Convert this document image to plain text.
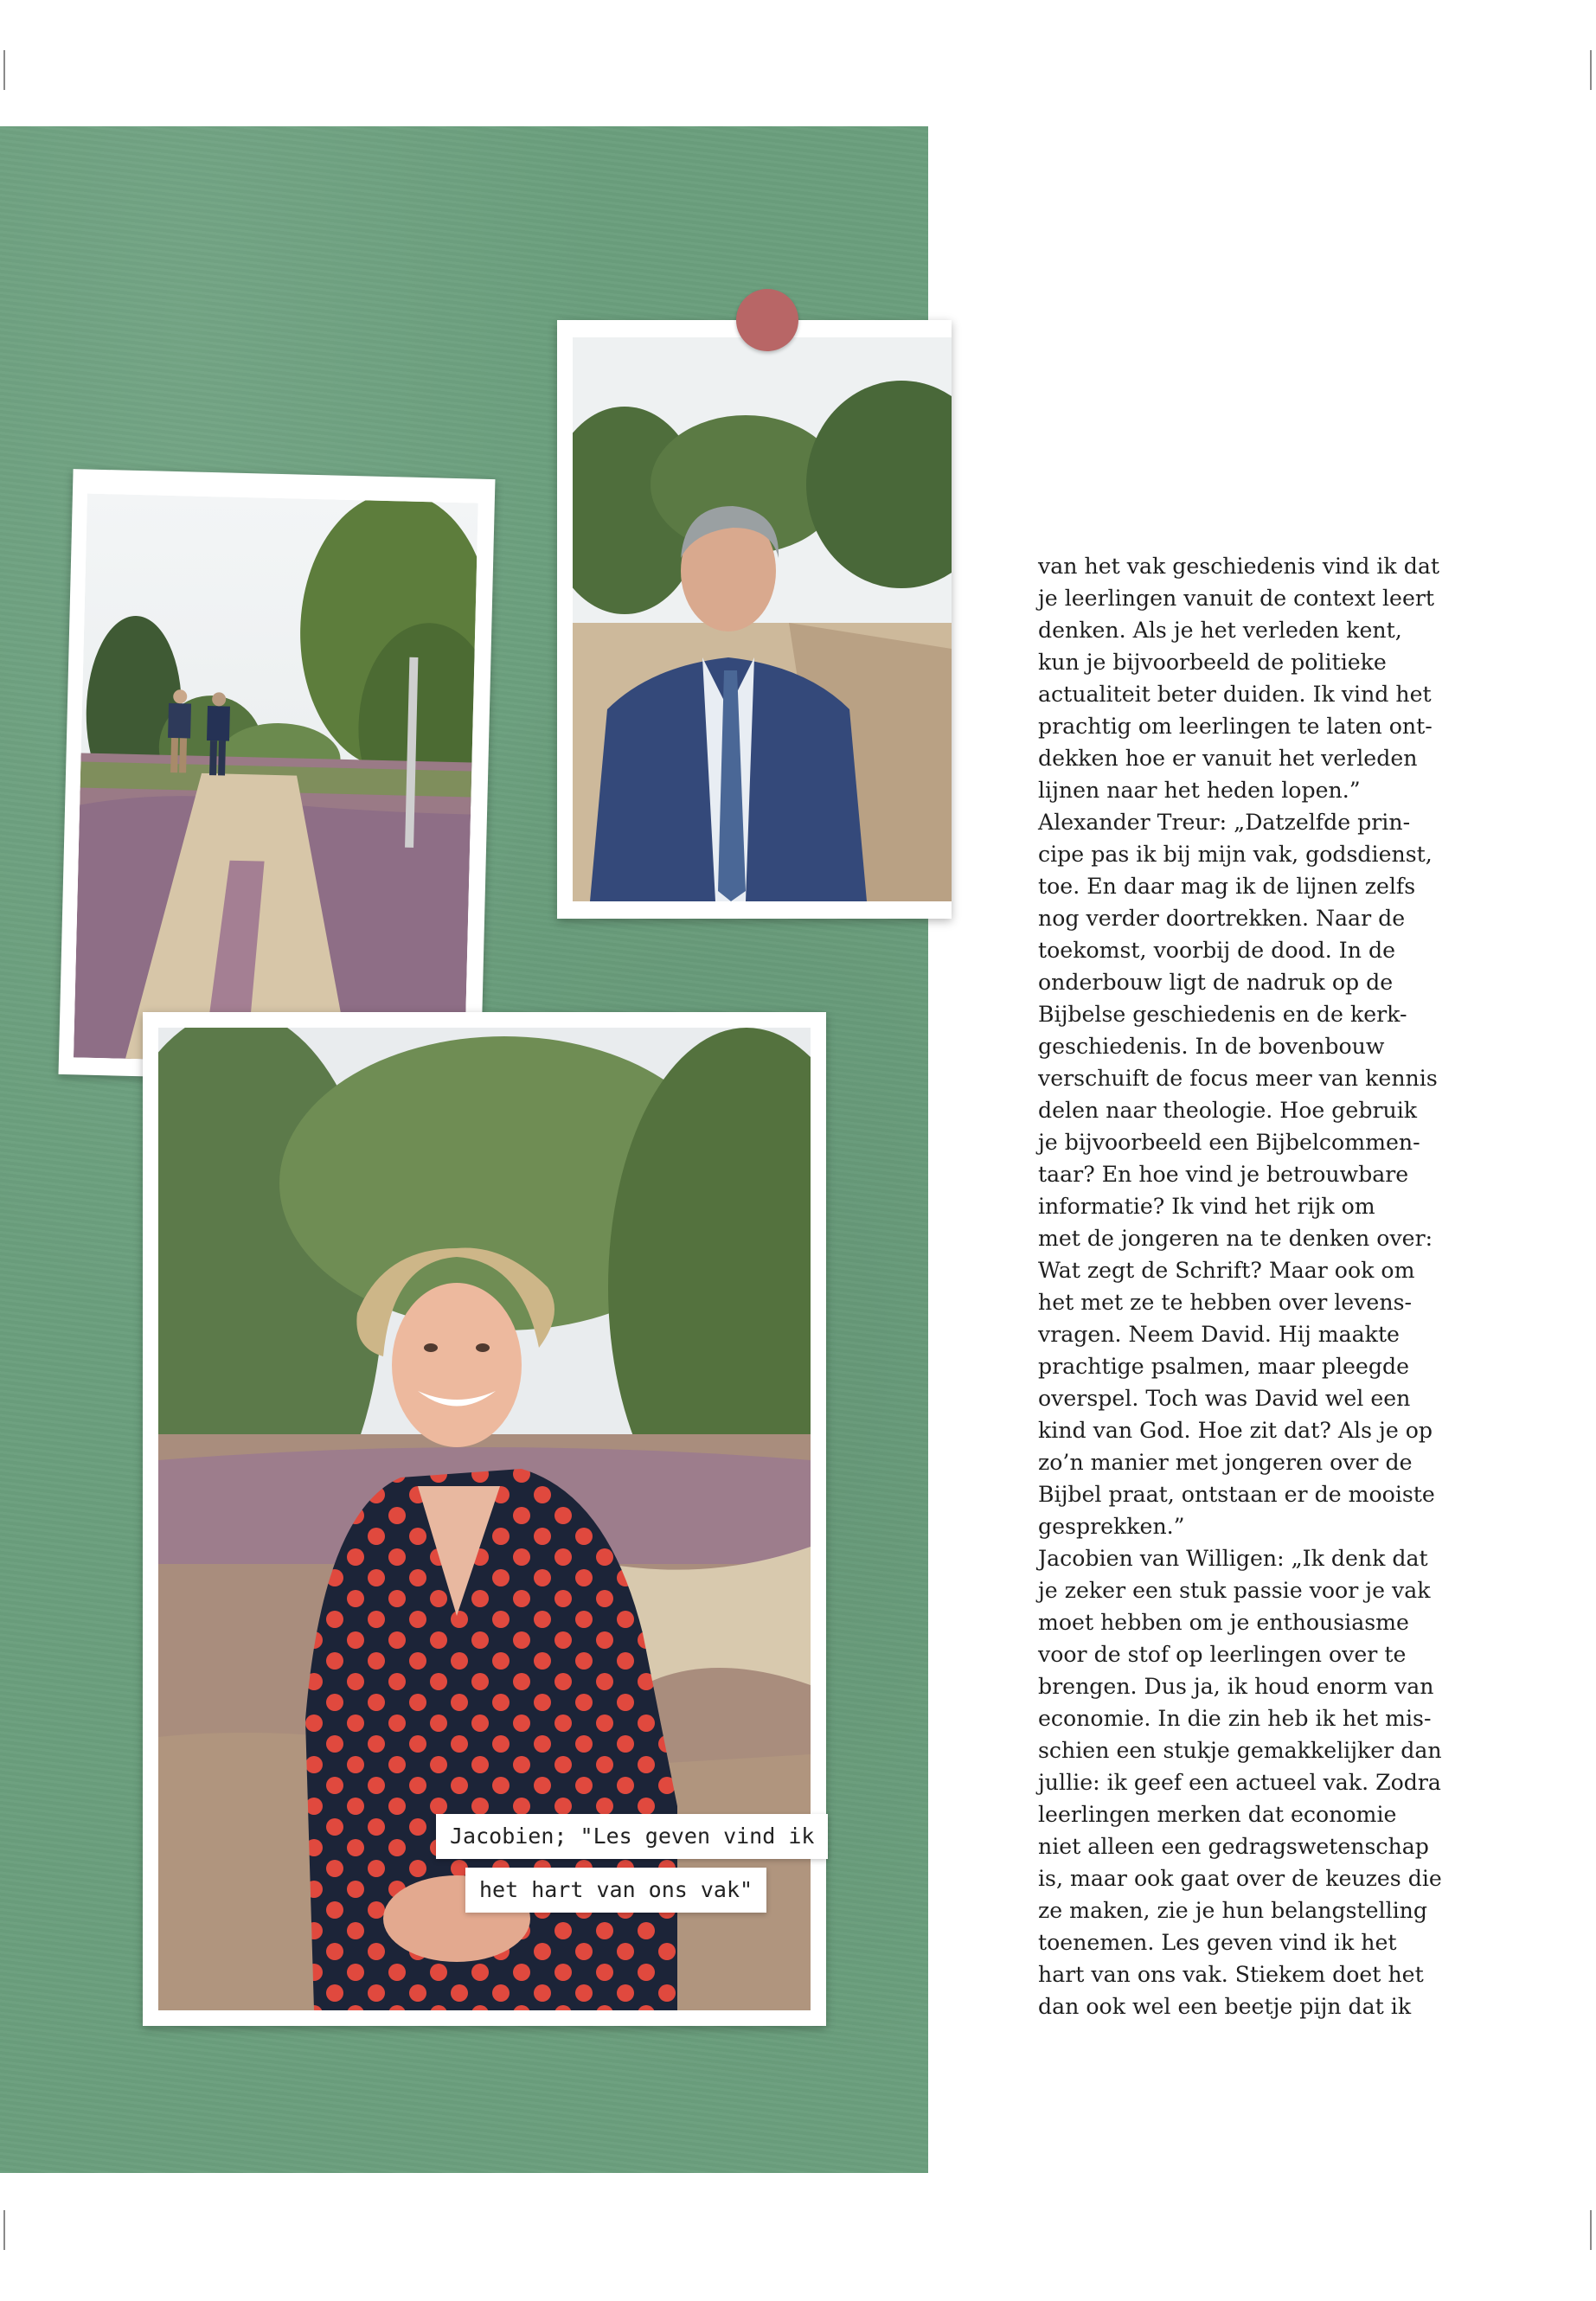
Jacobien; "Les geven vind ik
het hart van ons vak"
van het vak geschiedenis vind ik dat
je leerlingen vanuit de context leert
denken. Als je het verleden kent,
kun je bijvoorbeeld de politieke
actualiteit beter duiden. Ik vind het
prachtig om leerlingen te laten ont-
dekken hoe er vanuit het verleden
lijnen naar het heden lopen.”
Alexander Treur: „Datzelfde prin-
cipe pas ik bij mijn vak, godsdienst,
toe. En daar mag ik de lijnen zelfs
nog verder doortrekken. Naar de
toekomst, voorbij de dood. In de
onderbouw ligt de nadruk op de
Bijbelse geschiedenis en de kerk-
geschiedenis. In de bovenbouw
verschuift de focus meer van kennis
delen naar theologie. Hoe gebruik
je bijvoorbeeld een Bijbelcommen-
taar? En hoe vind je betrouwbare
informatie? Ik vind het rijk om
met de jongeren na te denken over:
Wat zegt de Schrift? Maar ook om
het met ze te hebben over levens-
vragen. Neem David. Hij maakte
prachtige psalmen, maar pleegde
overspel. Toch was David wel een
kind van God. Hoe zit dat? Als je op
zo’n manier met jongeren over de
Bijbel praat, ontstaan er de mooiste
gesprekken.”
Jacobien van Willigen: „Ik denk dat
je zeker een stuk passie voor je vak
moet hebben om je enthousiasme
voor de stof op leerlingen over te
brengen. Dus ja, ik houd enorm van
economie. In die zin heb ik het mis-
schien een stukje gemakkelijker dan
jullie: ik geef een actueel vak. Zodra
leerlingen merken dat economie
niet alleen een gedragswetenschap
is, maar ook gaat over de keuzes die
ze maken, zie je hun belangstelling
toenemen. Les geven vind ik het
hart van ons vak. Stiekem doet het
dan ook wel een beetje pijn dat ik
